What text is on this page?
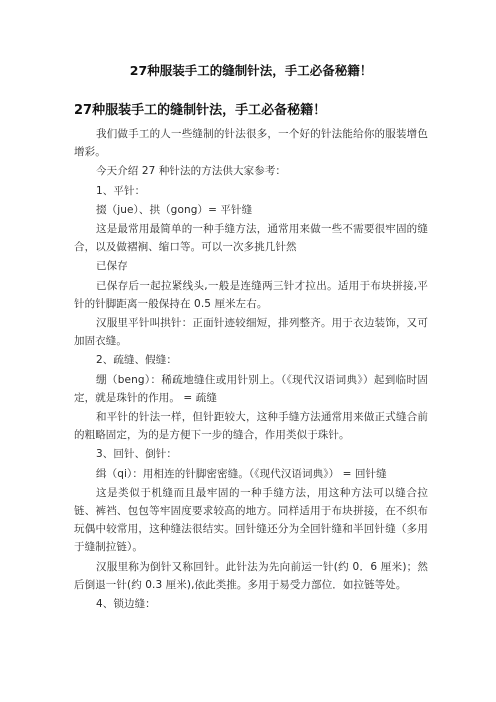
27种服装手工的缝制针法，手工必备秘籍！
27种服装手工的缝制针法，手工必备秘籍！

我们做手工的人一些缝制的针法很多，一个好的针法能给你的服装增色增彩。

今天介绍 27 种针法的方法供大家参考：

1、平针：

掇（jue）、拱（gong）= 平针缝

这是最常用最简单的一种手缝方法，通常用来做一些不需要很牢固的缝合，以及做褶裥、缩口等。可以一次多挑几针然

已保存

已保存后一起拉紧线头,一般是连缝两三针才拉出。适用于布块拼接,平针的针脚距离一般保持在 0.5 厘米左右。

汉服里平针叫拱针：正面针迹较细短，排列整齐。用于衣边装饰，又可加固衣缝。

2、疏缝、假缝：

绷（beng）：稀疏地缝住或用针别上。（《现代汉语词典》）起到临时固定，就是珠针的作用。 = 疏缝

和平针的针法一样，但针距较大，这种手缝方法通常用来做正式缝合前的粗略固定，为的是方便下一步的缝合，作用类似于珠针。

3、回针、倒针：

缉（qi）：用相连的针脚密密缝。（《现代汉语词典》） = 回针缝

这是类似于机缝而且最牢固的一种手缝方法，用这种方法可以缝合拉链、裤裆、包包等牢固度要求较高的地方。同样适用于布块拼接，在不织布玩偶中较常用，这种缝法很结实。回针缝还分为全回针缝和半回针缝（多用于缝制拉链）。

汉服里称为倒针又称回针。此针法为先向前运一针(约 0．6 厘米)；然后倒退一针(约 0.3 厘米),依此类推。多用于易受力部位．如拉链等处。

4、锁边缝：
